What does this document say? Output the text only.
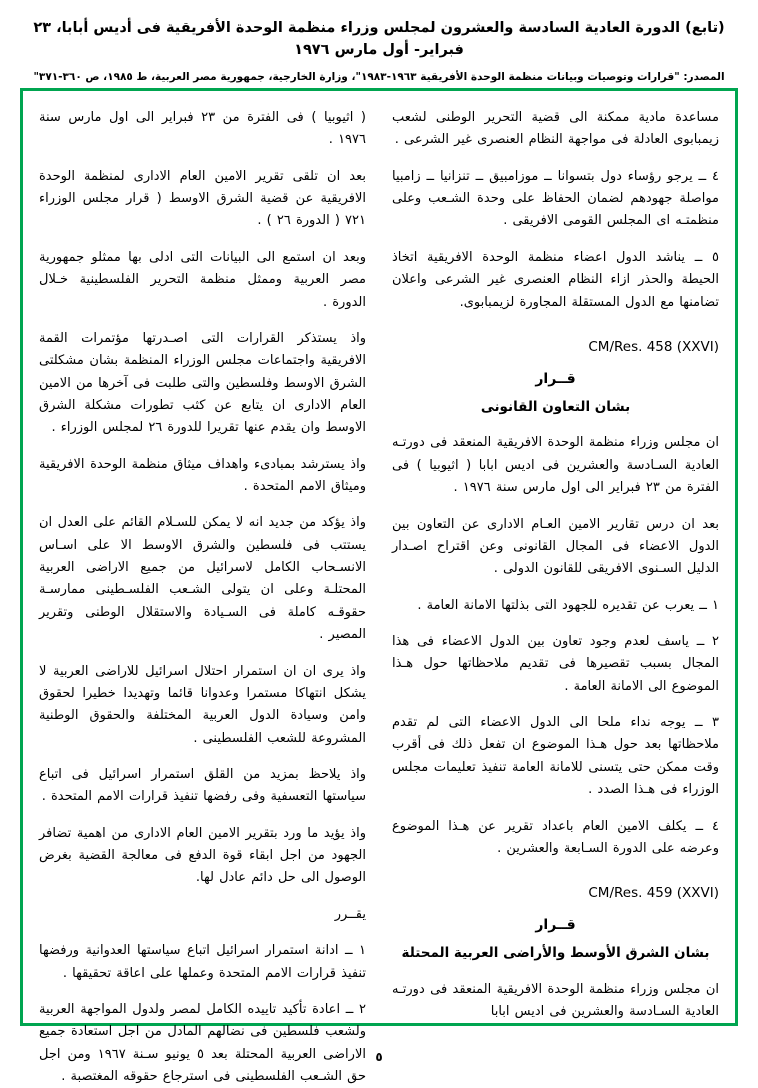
(تابع) الدورة العادية السادسة والعشرون لمجلس وزراء منظمة الوحدة الأفريقية فى أديس أبابا، ٢٣ فبراير- أول مارس ١٩٧٦
المصدر: "قرارات وتوصيات وبيانات منظمة الوحدة الأفريقية ١٩٦٣-١٩٨٣"، وزارة الخارجية، جمهورية مصر العربية، ط ١٩٨٥، ص ٣٦٠-٣٧١"

مساعدة مادية ممكنة الى قضية التحرير الوطنى لشعب زيمبابوى العادلة فى مواجهة النظام العنصرى غير الشرعى .

٤ ــ يرجو رؤساء دول بتسوانا ــ موزامبيق ــ تنزانيا ــ زامبيا مواصلة جهودهم لضمان الحفاظ على وحدة الشـعب وعلى منظمتـه اى المجلس القومى الافريقى .

٥ ــ يناشد الدول اعضاء منظمة الوحدة الافريقية اتخاذ الحيطة والحذر ازاء النظام العنصرى غير الشرعى واعلان تضامنها مع الدول المستقلة المجاورة لزيمبابوى.

CM/Res. 458 (XXVI)
قــرار
بشان التعاون القانونى

ان مجلس وزراء منظمة الوحدة الافريقية المنعقد فى دورتـه العادية السـادسة والعشرين فى اديس ابابا ( اثيوبيا ) فى الفترة من ٢٣ فبراير الى اول مارس سنة ١٩٧٦ .

بعد ان درس تقارير الامين العـام الادارى عن التعاون بين الدول الاعضاء فى المجال القانونى وعن اقتراح اصـدار الدليل السـنوى الافريقى للقانون الدولى .

١ ــ يعرب عن تقديره للجهود التى بذلتها الامانة العامة .

٢ ــ ياسف لعدم وجود تعاون بين الدول الاعضاء فى هذا المجال بسبب تقصيرها فى تقديم ملاحظاتها حول هـذا الموضوع الى الامانة العامة .

٣ ــ يوجه نداء ملحا الى الدول الاعضاء التى لم تقدم ملاحظاتها بعد حول هـذا الموضوع ان تفعل ذلك فى أقرب وقت ممكن حتى يتسنى للامانة العامة تنفيذ تعليمات مجلس الوزراء فى هـذا الصدد .

٤ ــ يكلف الامين العام باعداد تقرير عن هـذا الموضوع وعرضه على الدورة السـابعة والعشرين .

CM/Res. 459 (XXVI)
قــرار
بشان الشرق الأوسط والأراضى العربية المحتلة

ان مجلس وزراء منظمة الوحدة الافريقية المنعقد فى دورتـه العادية السـادسة والعشرين فى اديس ابابا

( اثيوبيا ) فى الفترة من ٢٣ فبراير الى اول مارس سنة ١٩٧٦ .

بعد ان تلقى تقرير الامين العام الادارى لمنظمة الوحدة الافريقية عن قضية الشرق الاوسط ( قرار مجلس الوزراء ٧٢١ ( الدورة ٢٦ ) .

وبعد ان استمع الى البيانات التى ادلى بها ممثلو جمهورية مصر العربية وممثل منظمة التحرير الفلسطينية خـلال الدورة .

واذ يستذكر القرارات التى اصـدرتها مؤتمرات القمة الافريقية واجتماعات مجلس الوزراء المنظمة بشان مشكلتى الشرق الاوسط وفلسطين والتى طلبت فى آخرها من الامين العام الادارى ان يتابع عن كثب تطورات مشكلة الشرق الاوسط وان يقدم عنها تقريرا للدورة ٢٦ لمجلس الوزراء .

واذ يسترشد بمبادىء واهداف ميثاق منظمة الوحدة الافريقية وميثاق الامم المتحدة .

واذ يؤكد من جديد انه لا يمكن للسـلام القائم على العدل ان يستتب فى فلسطين والشرق الاوسط الا على اسـاس الانسـحاب الكامل لاسرائيل من جميع الاراضى العربية المحتلـة وعلى ان يتولى الشـعب الفلسـطينى ممارسـة حقوقـه كاملة فى السـيادة والاستقلال الوطنى وتقرير المصير .

واذ يرى ان ان استمرار احتلال اسرائيل للاراضى العربية لا يشكل انتهاكا مستمرا وعدوانا قائما وتهديدا خطيرا لحقوق وامن وسيادة الدول العربية المختلفة والحقوق الوطنية المشروعة للشعب الفلسطينى .

واذ يلاحظ بمزيد من القلق استمرار اسرائيل فى اتباع سياستها التعسفية وفى رفضها تنفيذ قرارات الامم المتحدة .

واذ يؤيد ما ورد بتقرير الامين العام الادارى من اهمية تضافر الجهود من اجل ابقاء قوة الدفع فى معالجة القضية بغرض الوصول الى حل دائم عادل لها.

يقــرر

١ ــ ادانة استمرار اسرائيل اتباع سياستها العدوانية ورفضها تنفيذ قرارات الامم المتحدة وعملها على اعاقة تحقيقها .

٢ ــ اعادة تأكيد تاييده الكامل لمصر ولدول المواجهة العربية ولشعب فلسطين فى نضالهم المادل من اجل استعادة جميع الاراضى العربية المحتلة بعد ٥ يونيو سـنة ١٩٦٧ ومن اجل حق الشـعب الفلسطينى فى استرجاع حقوقه المغتصبة .

٥
